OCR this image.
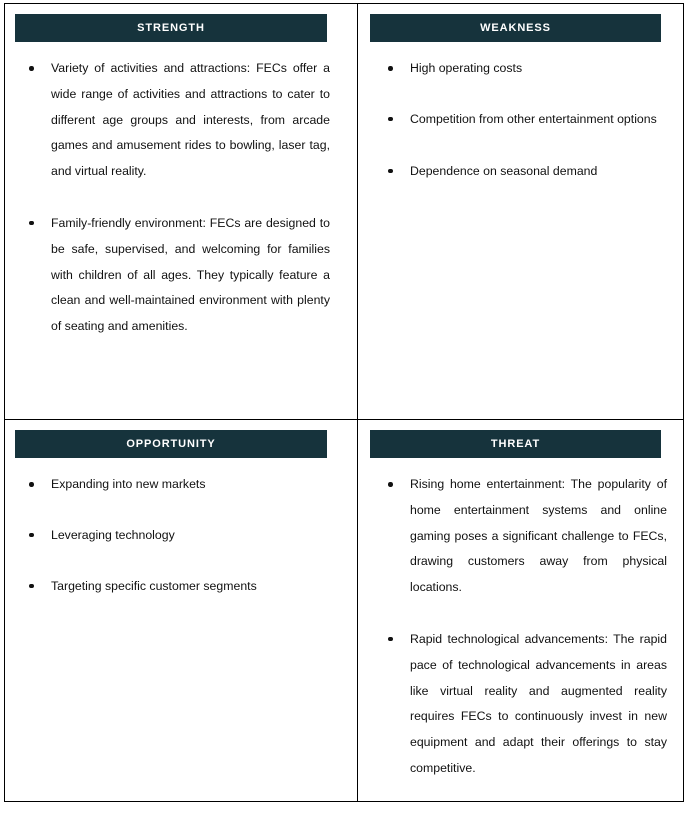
STRENGTH
Variety of activities and attractions: FECs offer a wide range of activities and attractions to cater to different age groups and interests, from arcade games and amusement rides to bowling, laser tag, and virtual reality.
Family-friendly environment: FECs are designed to be safe, supervised, and welcoming for families with children of all ages. They typically feature a clean and well-maintained environment with plenty of seating and amenities.
WEAKNESS
High operating costs
Competition from other entertainment options
Dependence on seasonal demand
OPPORTUNITY
Expanding into new markets
Leveraging technology
Targeting specific customer segments
THREAT
Rising home entertainment: The popularity of home entertainment systems and online gaming poses a significant challenge to FECs, drawing customers away from physical locations.
Rapid technological advancements: The rapid pace of technological advancements in areas like virtual reality and augmented reality requires FECs to continuously invest in new equipment and adapt their offerings to stay competitive.
